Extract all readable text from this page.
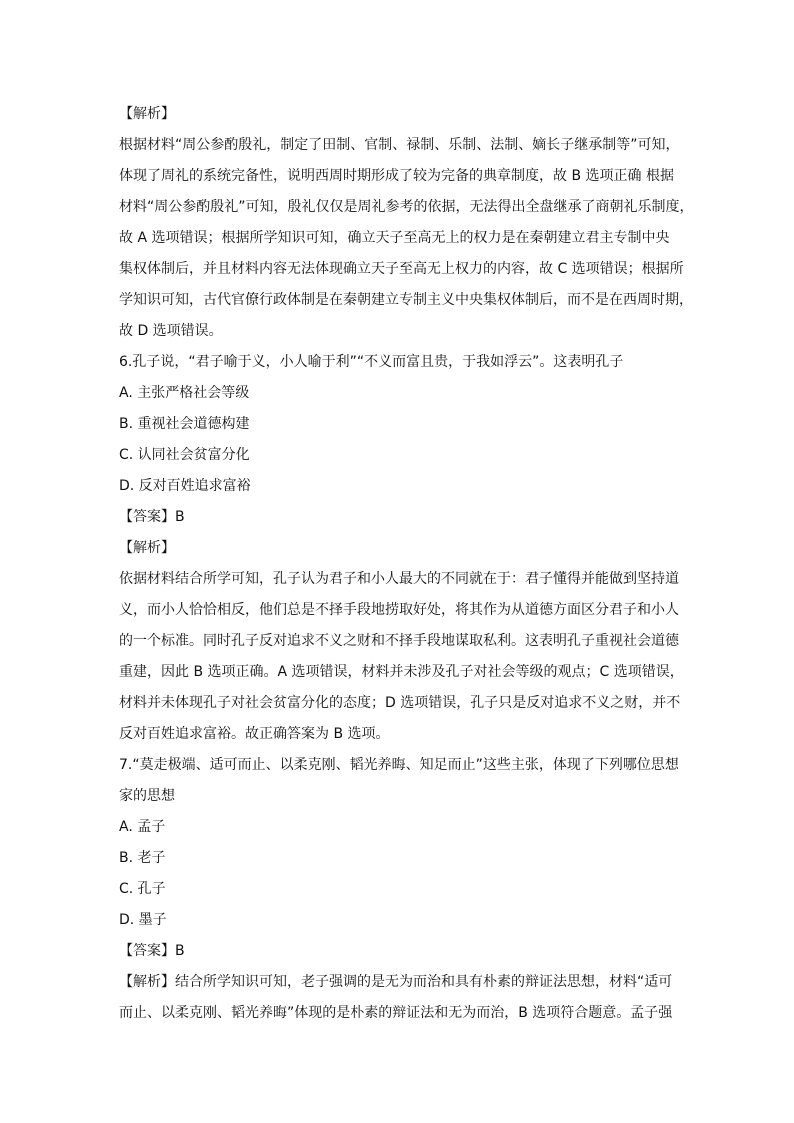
【解析】
根据材料“周公参酌殷礼，制定了田制、官制、禄制、乐制、法制、嫡长子继承制等”可知，
体现了周礼的系统完备性，说明西周时期形成了较为完备的典章制度，故 B 选项正确 根据
材料“周公参酌殷礼”可知，殷礼仅仅是周礼参考的依据，无法得出全盘继承了商朝礼乐制度，
故 A 选项错误；根据所学知识可知，确立天子至高无上的权力是在秦朝建立君主专制中央
集权体制后，并且材料内容无法体现确立天子至高无上权力的内容，故 C 选项错误；根据所
学知识可知，古代官僚行政体制是在秦朝建立专制主义中央集权体制后，而不是在西周时期，
故 D 选项错误。
6.孔子说，“君子喻于义，小人喻于利”“不义而富且贵，于我如浮云”。这表明孔子
A. 主张严格社会等级
B. 重视社会道德构建
C. 认同社会贫富分化
D. 反对百姓追求富裕
【答案】B
【解析】
依据材料结合所学可知，孔子认为君子和小人最大的不同就在于：君子懂得并能做到坚持道
义，而小人恰恰相反，他们总是不择手段地捞取好处，将其作为从道德方面区分君子和小人
的一个标准。同时孔子反对追求不义之财和不择手段地谋取私利。这表明孔子重视社会道德
重建，因此 B 选项正确。A 选项错误，材料并未涉及孔子对社会等级的观点；C 选项错误，
材料并未体现孔子对社会贫富分化的态度；D 选项错误，孔子只是反对追求不义之财，并不
反对百姓追求富裕。故正确答案为 B 选项。
7.“莫走极端、适可而止、以柔克刚、韬光养晦、知足而止”这些主张，体现了下列哪位思想
家的思想
A. 孟子
B. 老子
C. 孔子
D. 墨子
【答案】B
【解析】结合所学知识可知，老子强调的是无为而治和具有朴素的辩证法思想，材料“适可
而止、以柔克刚、韬光养晦”体现的是朴素的辩证法和无为而治，B 选项符合题意。孟子强
